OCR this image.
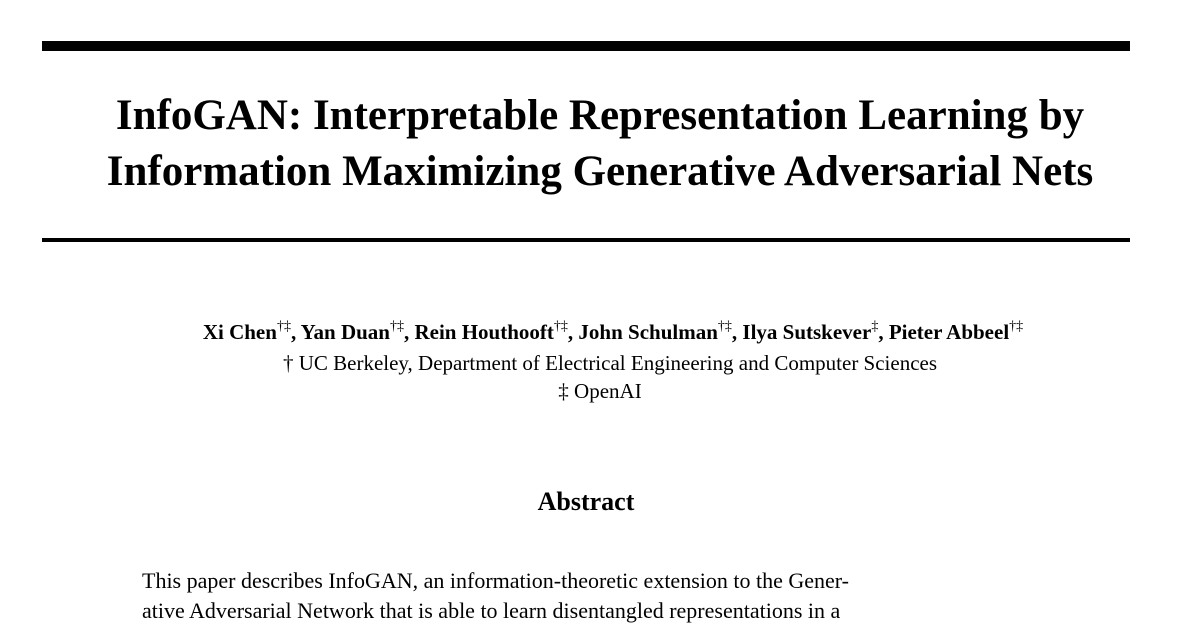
InfoGAN: Interpretable Representation Learning by
Information Maximizing Generative Adversarial Nets
Xi Chen†‡, Yan Duan†‡, Rein Houthooft†‡, John Schulman†‡, Ilya Sutskever‡, Pieter Abbeel†‡
† UC Berkeley, Department of Electrical Engineering and Computer Sciences
‡ OpenAI
Abstract

This paper describes InfoGAN, an information-theoretic extension to the Gener-
ative Adversarial Network that is able to learn disentangled representations in a
